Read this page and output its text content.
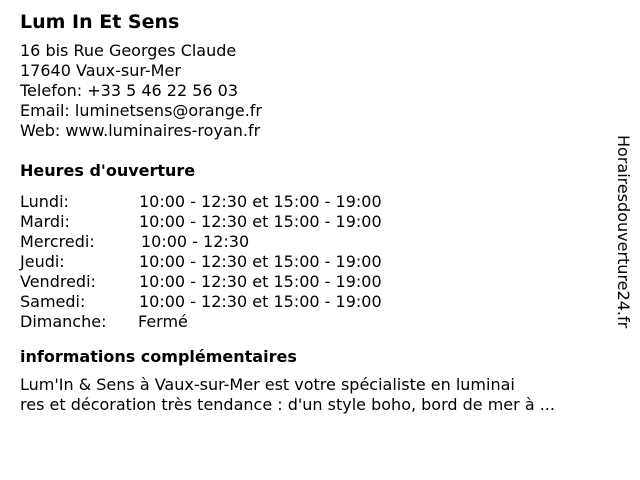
Lum In Et Sens
16 bis Rue Georges Claude
17640 Vaux-sur-Mer
Telefon: +33 5 46 22 56 03
Email: luminetsens@orange.fr
Web: www.luminaires-royan.fr
Heures d'ouverture
Lundi:	10:00 - 12:30 et 15:00 - 19:00
Mardi:	10:00 - 12:30 et 15:00 - 19:00
Mercredi:	10:00 - 12:30
Jeudi:	10:00 - 12:30 et 15:00 - 19:00
Vendredi:	10:00 - 12:30 et 15:00 - 19:00
Samedi:	10:00 - 12:30 et 15:00 - 19:00
Dimanche: Fermé
informations complémentaires
Lum'In & Sens à Vaux-sur-Mer est votre spécialiste en luminai
res et décoration très tendance : d'un style boho, bord de mer à ...
Horairesdouverture24.fr
